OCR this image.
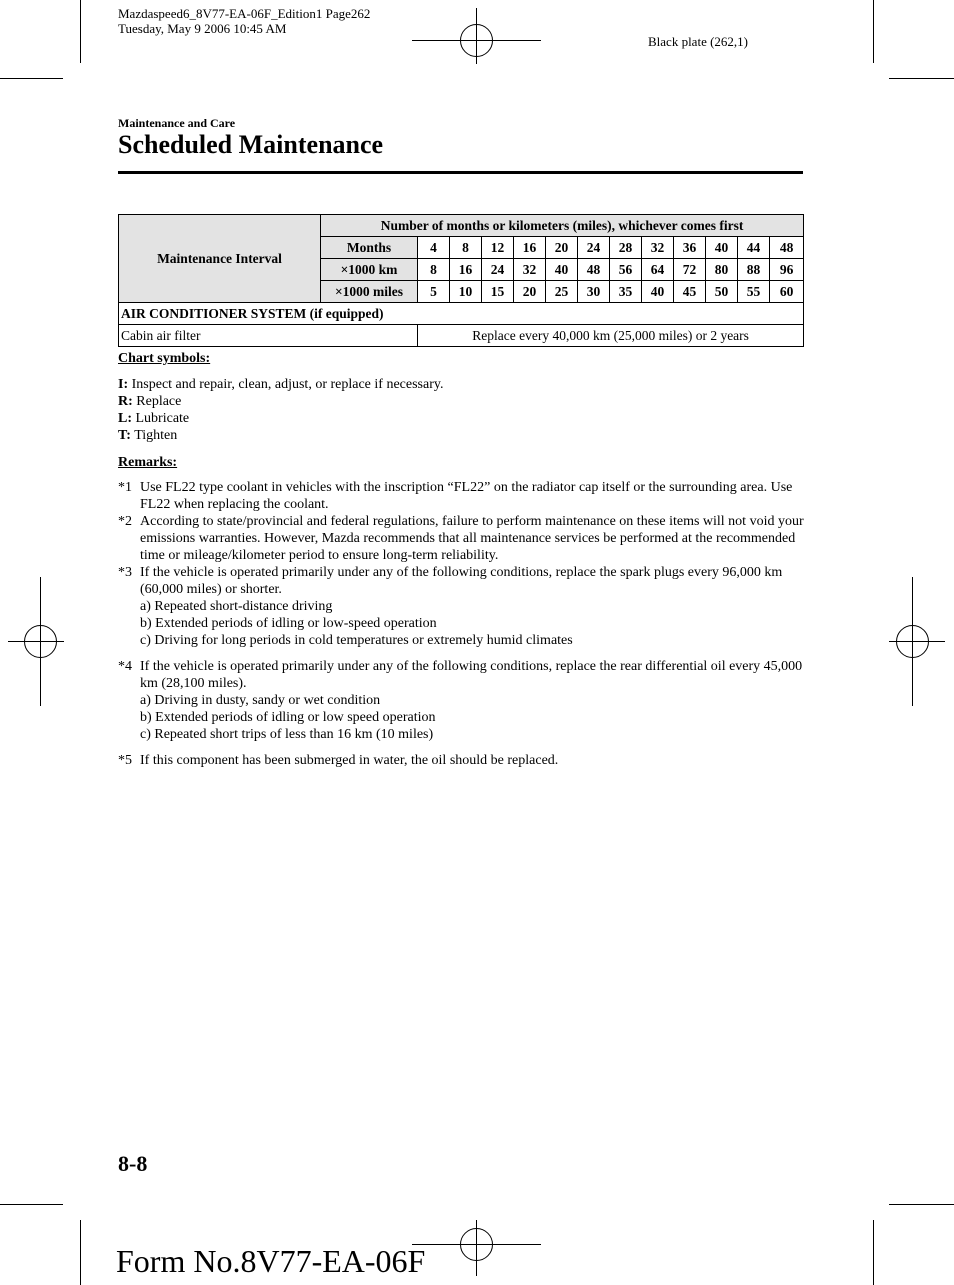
Mazdaspeed6_8V77-EA-06F_Edition1 Page262
Tuesday, May 9 2006 10:45 AM
Black plate (262,1)
Maintenance and Care
Scheduled Maintenance
Maintenance Interval	Number of months or kilometers (miles), whichever comes first												
	Months	4	8	12	16	20	24	28	32	36	40	44	48
	×1000 km	8	16	24	32	40	48	56	64	72	80	88	96
	×1000 miles	5	10	15	20	25	30	35	40	45	50	55	60
AIR CONDITIONER SYSTEM (if equipped)													
Cabin air filter		Replace every 40,000 km (25,000 miles) or 2 years											
Chart symbols:
I: Inspect and repair, clean, adjust, or replace if necessary.
R: Replace
L: Lubricate
T: Tighten
Remarks:
*1 Use FL22 type coolant in vehicles with the inscription “FL22” on the radiator cap itself or the surrounding area. Use FL22 when replacing the coolant.
*2 According to state/provincial and federal regulations, failure to perform maintenance on these items will not void your emissions warranties. However, Mazda recommends that all maintenance services be performed at the recommended time or mileage/kilometer period to ensure long-term reliability.
*3 If the vehicle is operated primarily under any of the following conditions, replace the spark plugs every 96,000 km (60,000 miles) or shorter.
a) Repeated short-distance driving
b) Extended periods of idling or low-speed operation
c) Driving for long periods in cold temperatures or extremely humid climates
*4 If the vehicle is operated primarily under any of the following conditions, replace the rear differential oil every 45,000 km (28,100 miles).
a) Driving in dusty, sandy or wet condition
b) Extended periods of idling or low speed operation
c) Repeated short trips of less than 16 km (10 miles)
*5 If this component has been submerged in water, the oil should be replaced.
8-8
Form No.8V77-EA-06F
